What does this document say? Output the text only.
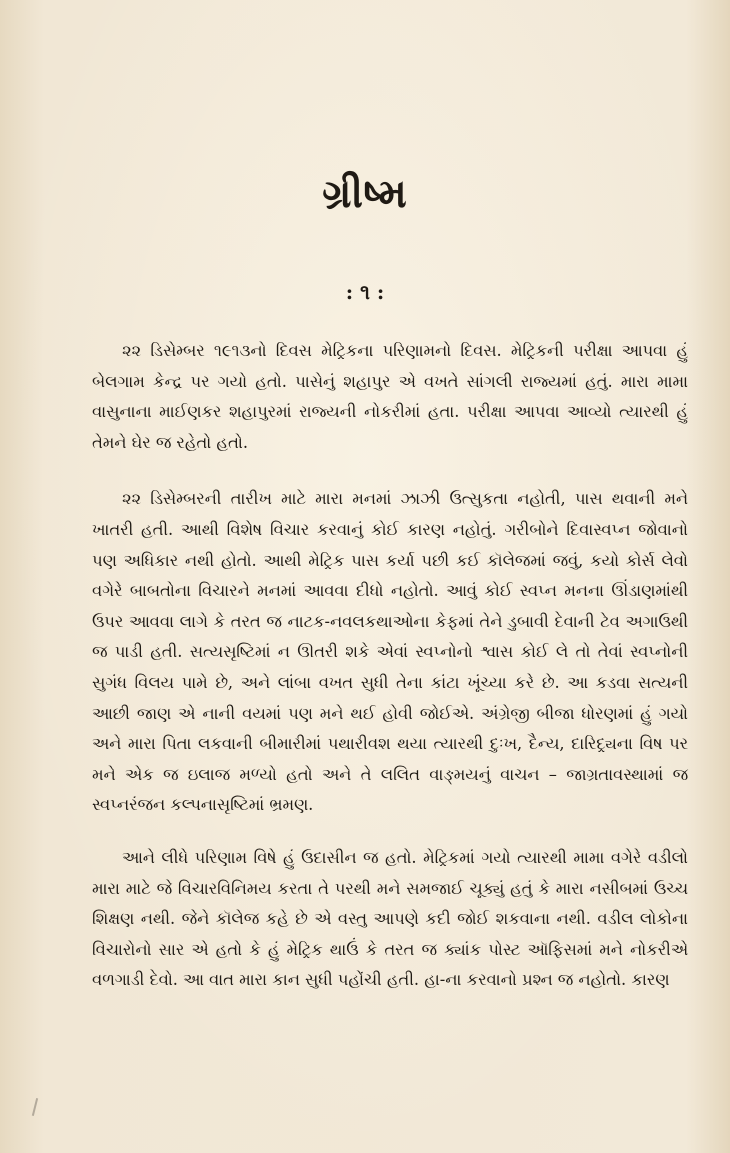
ગ્રીષ્મ
: ૧ :

૨૨ ડિસેમ્બર ૧૯૧૩નો દિવસ મેટ્રિકના પરિણામનો દિવસ. મેટ્રિકની પરીક્ષા આપવા હું બેલગામ કેન્દ્ર પર ગયો હતો. પાસેનું શહાપુર એ વખતે સાંગલી રાજ્યમાં હતું. મારા મામા વાસુનાના માઈણકર શહાપુરમાં રાજ્યની નોકરીમાં હતા. પરીક્ષા આપવા આવ્યો ત્યારથી હું તેમને ઘેર જ રહેતો હતો.

૨૨ ડિસેમ્બરની તારીખ માટે મારા મનમાં ઝાઝી ઉત્સુકતા નહોતી, પાસ થવાની મને ખાતરી હતી. આથી વિશેષ વિચાર કરવાનું કોઈ કારણ નહોતું. ગરીબોને દિવાસ્વપ્ન જોવાનો પણ અધિકાર નથી હોતો. આથી મેટ્રિક પાસ કર્યા પછી કઈ કૉલેજમાં જવું, કયો કોર્સ લેવો વગેરે બાબતોના વિચારને મનમાં આવવા દીધો નહોતો. આવું કોઈ સ્વપ્ન મનના ઊંડાણમાંથી ઉપર આવવા લાગે કે તરત જ નાટક-નવલકથાઓના કેફમાં તેને ડુબાવી દેવાની ટેવ અગાઉથી જ પાડી હતી. સત્યસૃષ્ટિમાં ન ઊતરી શકે એવાં સ્વપ્નોનો શ્વાસ કોઈ લે તો તેવાં સ્વપ્નોની સુગંધ વિલય પામે છે, અને લાંબા વખત સુધી તેના કાંટા ખૂંચ્યા કરે છે. આ કડવા સત્યની આછી જાણ એ નાની વયમાં પણ મને થઈ હોવી જોઈએ. અંગ્રેજી બીજા ધોરણમાં હું ગયો અને મારા પિતા લકવાની બીમારીમાં પથારીવશ થયા ત્યારથી દુઃખ, દૈન્ય, દારિદ્ર્યના વિષ પર મને એક જ ઇલાજ મળ્યો હતો અને તે લલિત વાઙ્મયનું વાચન – જાગ્રતાવસ્થામાં જ સ્વપ્નરંજન કલ્પનાસૃષ્ટિમાં ભ્રમણ.

આને લીધે પરિણામ વિષે હું ઉદાસીન જ હતો. મેટ્રિકમાં ગયો ત્યારથી મામા વગેરે વડીલો મારા માટે જે વિચારવિનિમય કરતા તે પરથી મને સમજાઈ ચૂક્યું હતું કે મારા નસીબમાં ઉચ્ચ શિક્ષણ નથી. જેને કૉલેજ કહે છે એ વસ્તુ આપણે કદી જોઈ શકવાના નથી. વડીલ લોકોના વિચારોનો સાર એ હતો કે હું મેટ્રિક થાઉં કે તરત જ ક્યાંક પોસ્ટ ઑફિસમાં મને નોકરીએ વળગાડી દેવો. આ વાત મારા કાન સુધી પહોંચી હતી. હા-ના કરવાનો પ્રશ્ન જ નહોતો. કારણ
